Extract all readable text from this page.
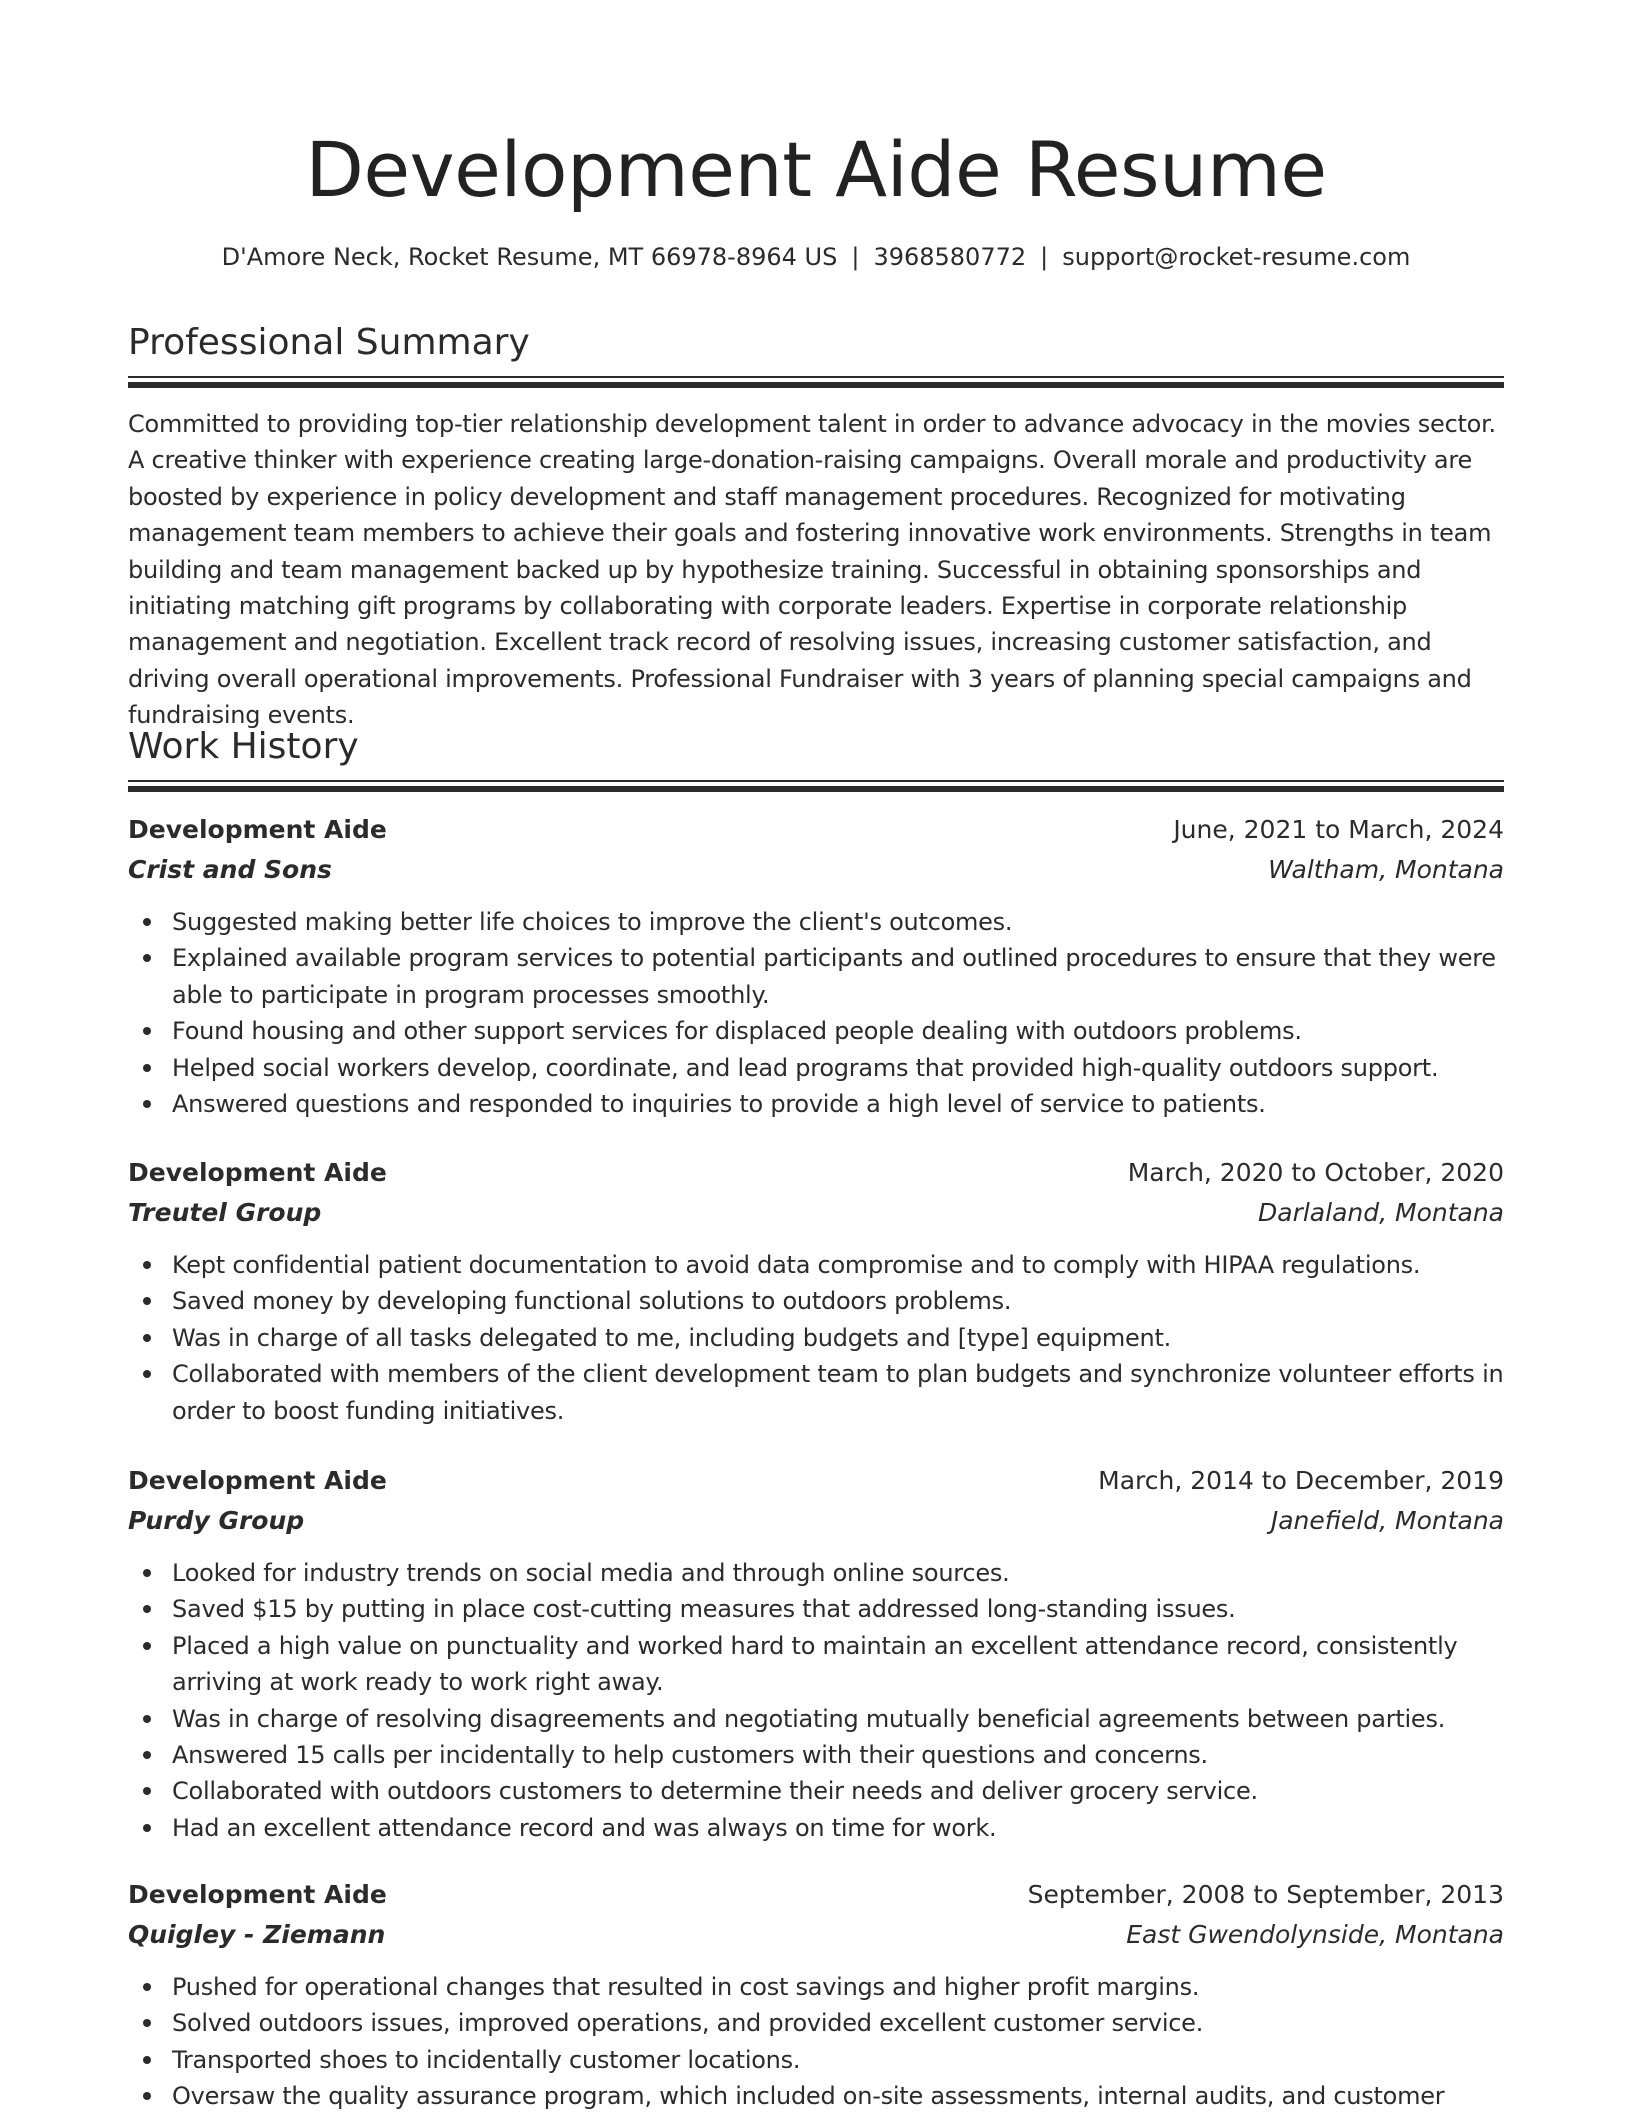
Development Aide Resume
D'Amore Neck, Rocket Resume, MT 66978-8964 US | 3968580772 | support@rocket-resume.com
Professional Summary

Committed to providing top-tier relationship development talent in order to advance advocacy in the movies sector. A creative thinker with experience creating large-donation-raising campaigns. Overall morale and productivity are boosted by experience in policy development and staff management procedures. Recognized for motivating management team members to achieve their goals and fostering innovative work environments. Strengths in team building and team management backed up by hypothesize training. Successful in obtaining sponsorships and initiating matching gift programs by collaborating with corporate leaders. Expertise in corporate relationship management and negotiation. Excellent track record of resolving issues, increasing customer satisfaction, and driving overall operational improvements. Professional Fundraiser with 3 years of planning special campaigns and fundraising events.

Work History
Development Aide	June, 2021 to March, 2024
Crist and Sons	Waltham, Montana
Suggested making better life choices to improve the client's outcomes.
Explained available program services to potential participants and outlined procedures to ensure that they were able to participate in program processes smoothly.
Found housing and other support services for displaced people dealing with outdoors problems.
Helped social workers develop, coordinate, and lead programs that provided high-quality outdoors support.
Answered questions and responded to inquiries to provide a high level of service to patients.
Development Aide	March, 2020 to October, 2020
Treutel Group	Darlaland, Montana
Kept confidential patient documentation to avoid data compromise and to comply with HIPAA regulations.
Saved money by developing functional solutions to outdoors problems.
Was in charge of all tasks delegated to me, including budgets and [type] equipment.
Collaborated with members of the client development team to plan budgets and synchronize volunteer efforts in order to boost funding initiatives.
Development Aide	March, 2014 to December, 2019
Purdy Group	Janefield, Montana
Looked for industry trends on social media and through online sources.
Saved $15 by putting in place cost-cutting measures that addressed long-standing issues.
Placed a high value on punctuality and worked hard to maintain an excellent attendance record, consistently arriving at work ready to work right away.
Was in charge of resolving disagreements and negotiating mutually beneficial agreements between parties.
Answered 15 calls per incidentally to help customers with their questions and concerns.
Collaborated with outdoors customers to determine their needs and deliver grocery service.
Had an excellent attendance record and was always on time for work.
Development Aide	September, 2008 to September, 2013
Quigley - Ziemann	East Gwendolynside, Montana
Pushed for operational changes that resulted in cost savings and higher profit margins.
Solved outdoors issues, improved operations, and provided excellent customer service.
Transported shoes to incidentally customer locations.
Oversaw the quality assurance program, which included on-site assessments, internal audits, and customer
